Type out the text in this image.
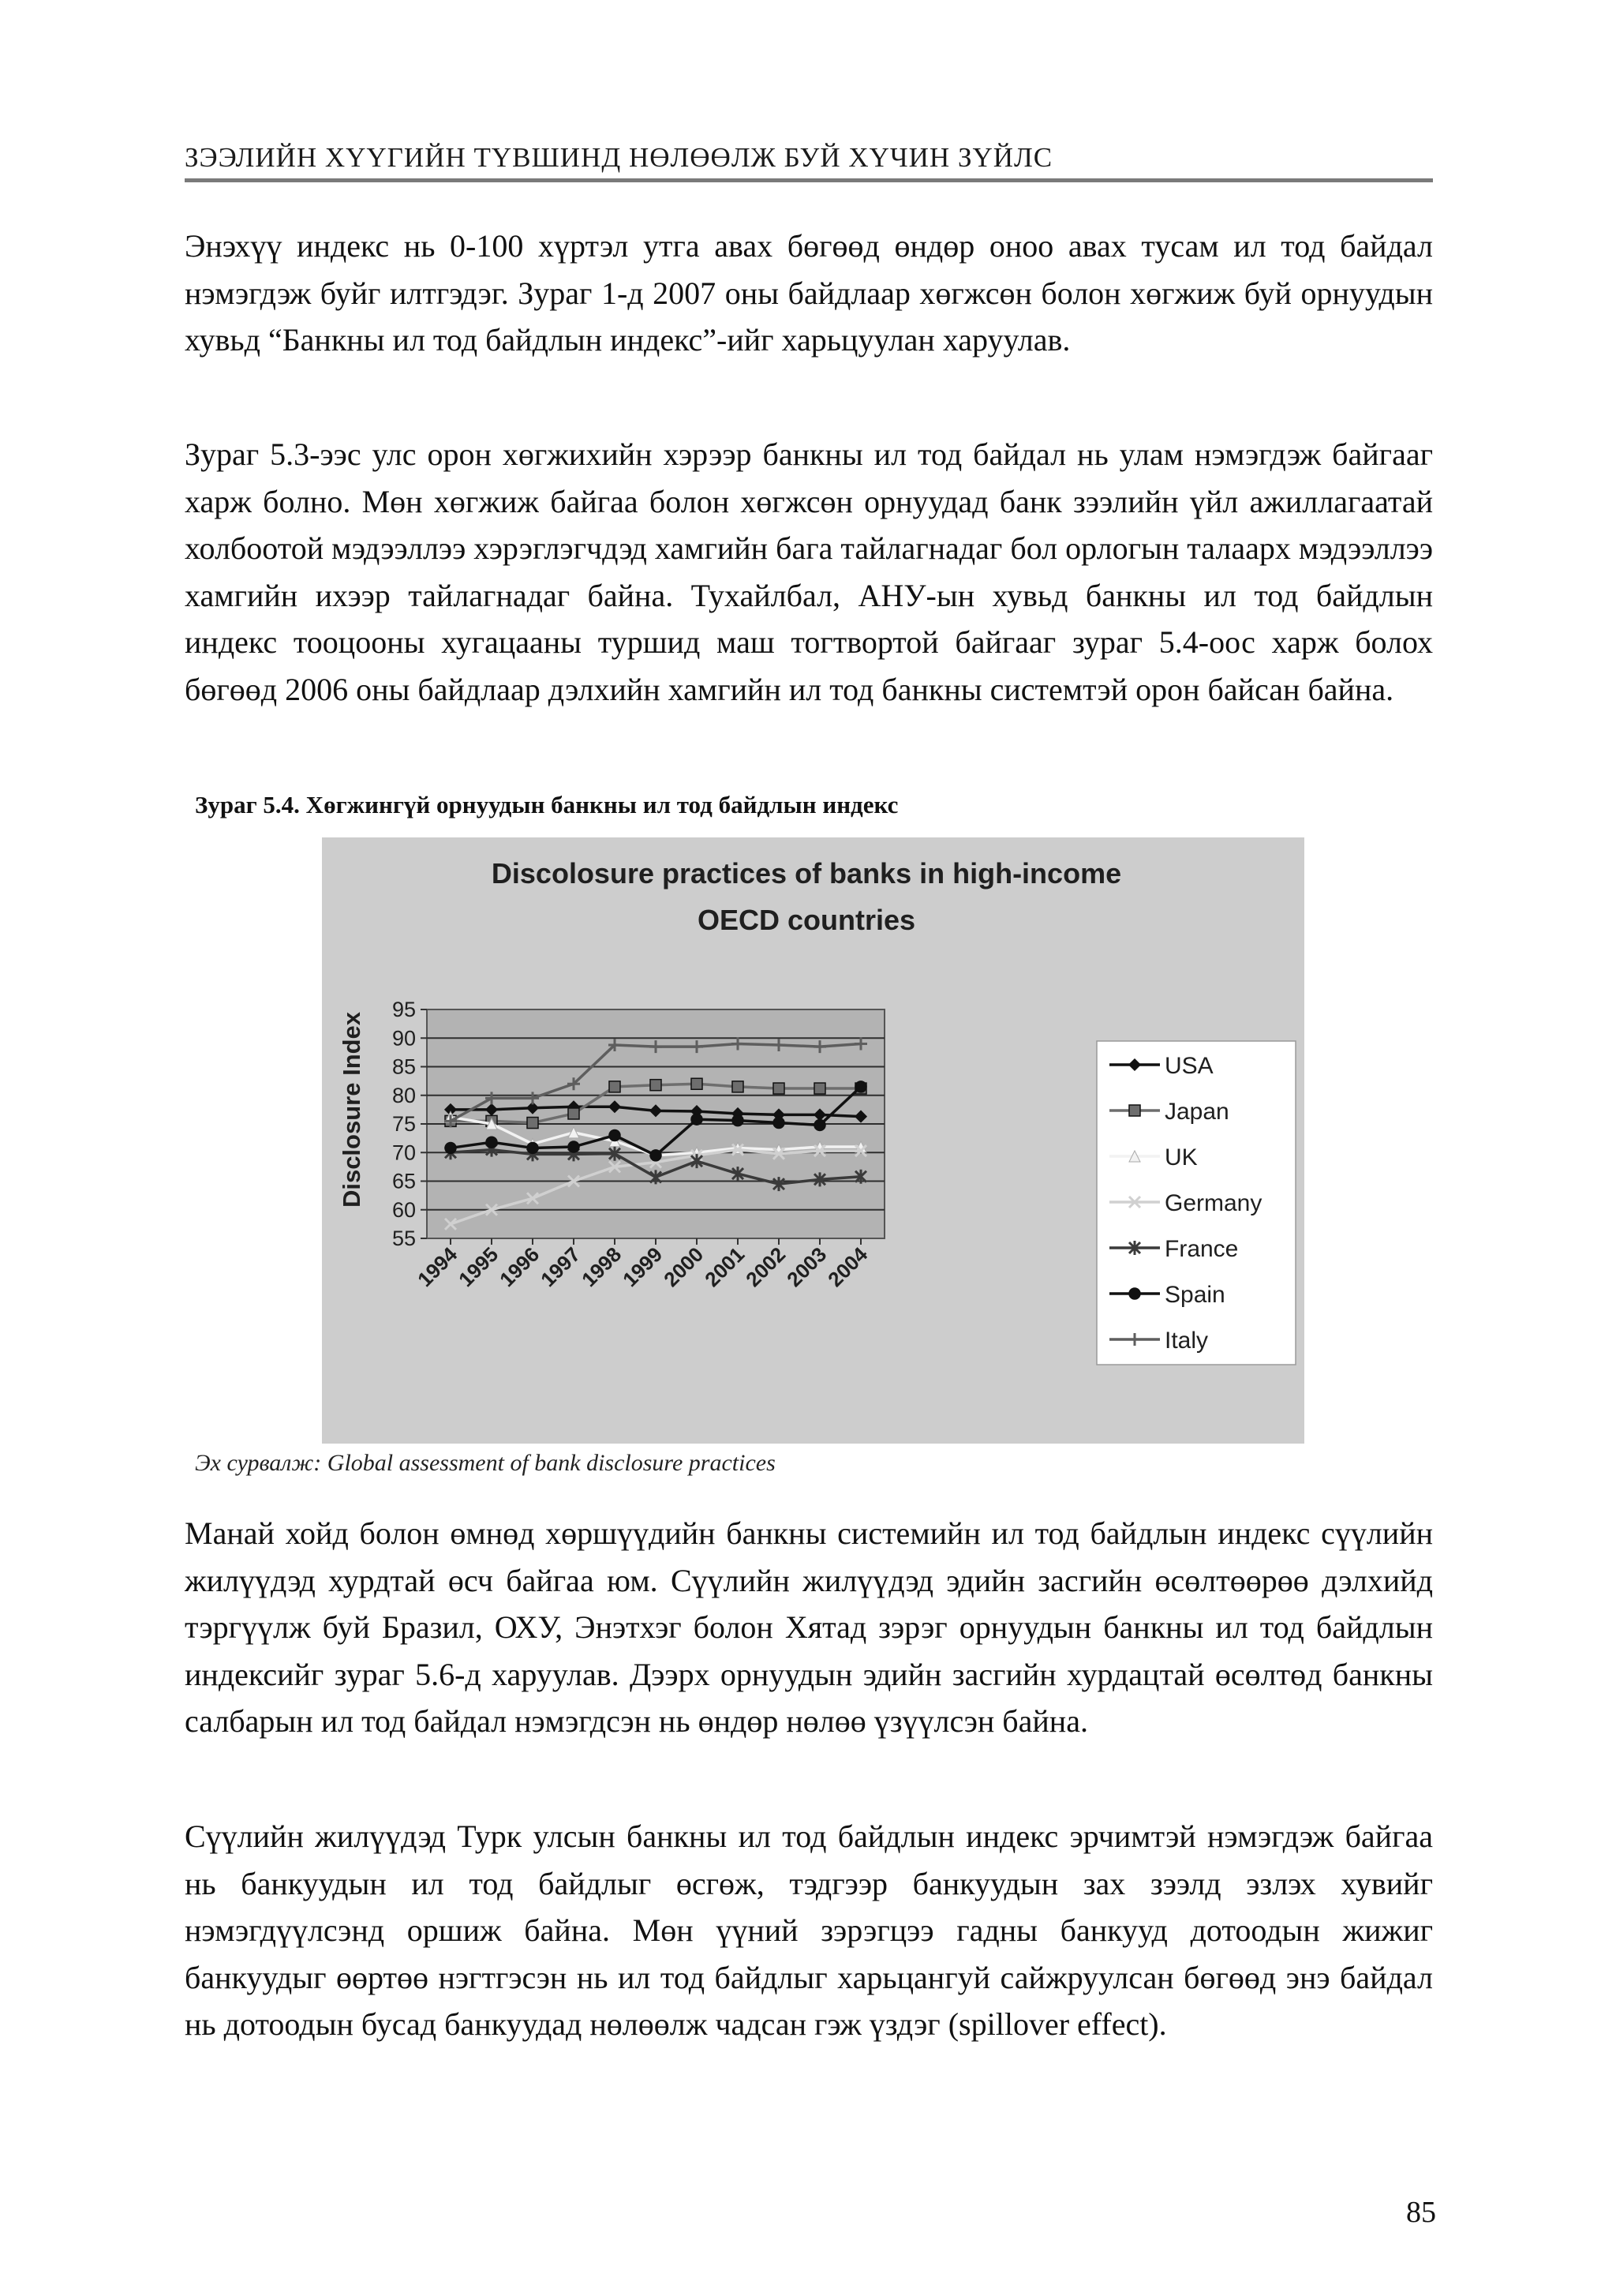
ЗЭЭЛИЙН ХҮҮГИЙН ТҮВШИНД НӨЛӨӨЛЖ БУЙ ХҮЧИН ЗҮЙЛС

Энэхүү индекс нь 0-100 хүртэл утга авах бөгөөд өндөр оноо авах тусам ил тод байдал нэмэгдэж буйг илтгэдэг. Зураг 1-д 2007 оны байдлаар хөгжсөн болон хөгжиж буй орнуудын хувьд “Банкны ил тод байдлын индекс”-ийг харьцуулан харуулав.

Зураг 5.3-ээс улс орон хөгжихийн хэрээр банкны ил тод байдал нь улам нэмэгдэж байгааг харж болно. Мөн хөгжиж байгаа болон хөгжсөн орнуудад банк зээлийн үйл ажиллагаатай холбоотой мэдээллээ хэрэглэгчдэд хамгийн бага тайлагнадаг бол орлогын талаарх мэдээллээ хамгийн ихээр тайлагнадаг байна. Тухайлбал, АНУ-ын хувьд банкны ил тод байдлын индекс тооцооны хугацааны туршид маш тогтвортой байгааг зураг 5.4-оос харж болох бөгөөд 2006 оны байдлаар дэлхийн хамгийн ил тод банкны системтэй орон байсан байна.

Зураг 5.4. Хөгжингүй орнуудын банкны ил тод байдлын индекс
Discolosure practices of banks in high-income
OECD countries
Disclosure Index
55
60
65
70
75
80
85
90
95
1994
1995
1996
1997
1998
1999
2000
2001
2002
2003
2004
USA
Japan
UK
Germany
France
Spain
Italy
Эх сурвалж: Global assessment of bank disclosure practices

Манай хойд болон өмнөд хөршүүдийн банкны системийн ил тод байдлын индекс сүүлийн жилүүдэд хурдтай өсч байгаа юм. Сүүлийн жилүүдэд эдийн засгийн өсөлтөөрөө дэлхийд тэргүүлж буй Бразил, ОХУ, Энэтхэг болон Хятад зэрэг орнуудын банкны ил тод байдлын индексийг зураг 5.6-д харуулав. Дээрх орнуудын эдийн засгийн хурдацтай өсөлтөд банкны салбарын ил тод байдал нэмэгдсэн нь өндөр нөлөө үзүүлсэн байна.

Сүүлийн жилүүдэд Турк улсын банкны ил тод байдлын индекс эрчимтэй нэмэгдэж байгаа нь банкуудын ил тод байдлыг өсгөж, тэдгээр банкуудын зах зээлд эзлэх хувийг нэмэгдүүлсэнд оршиж байна. Мөн үүний зэрэгцээ гадны банкууд дотоодын жижиг банкуудыг өөртөө нэгтгэсэн нь ил тод байдлыг харьцангуй сайжруулсан бөгөөд энэ байдал нь дотоодын бусад банкуудад нөлөөлж чадсан гэж үздэг (spillover effect).

85
